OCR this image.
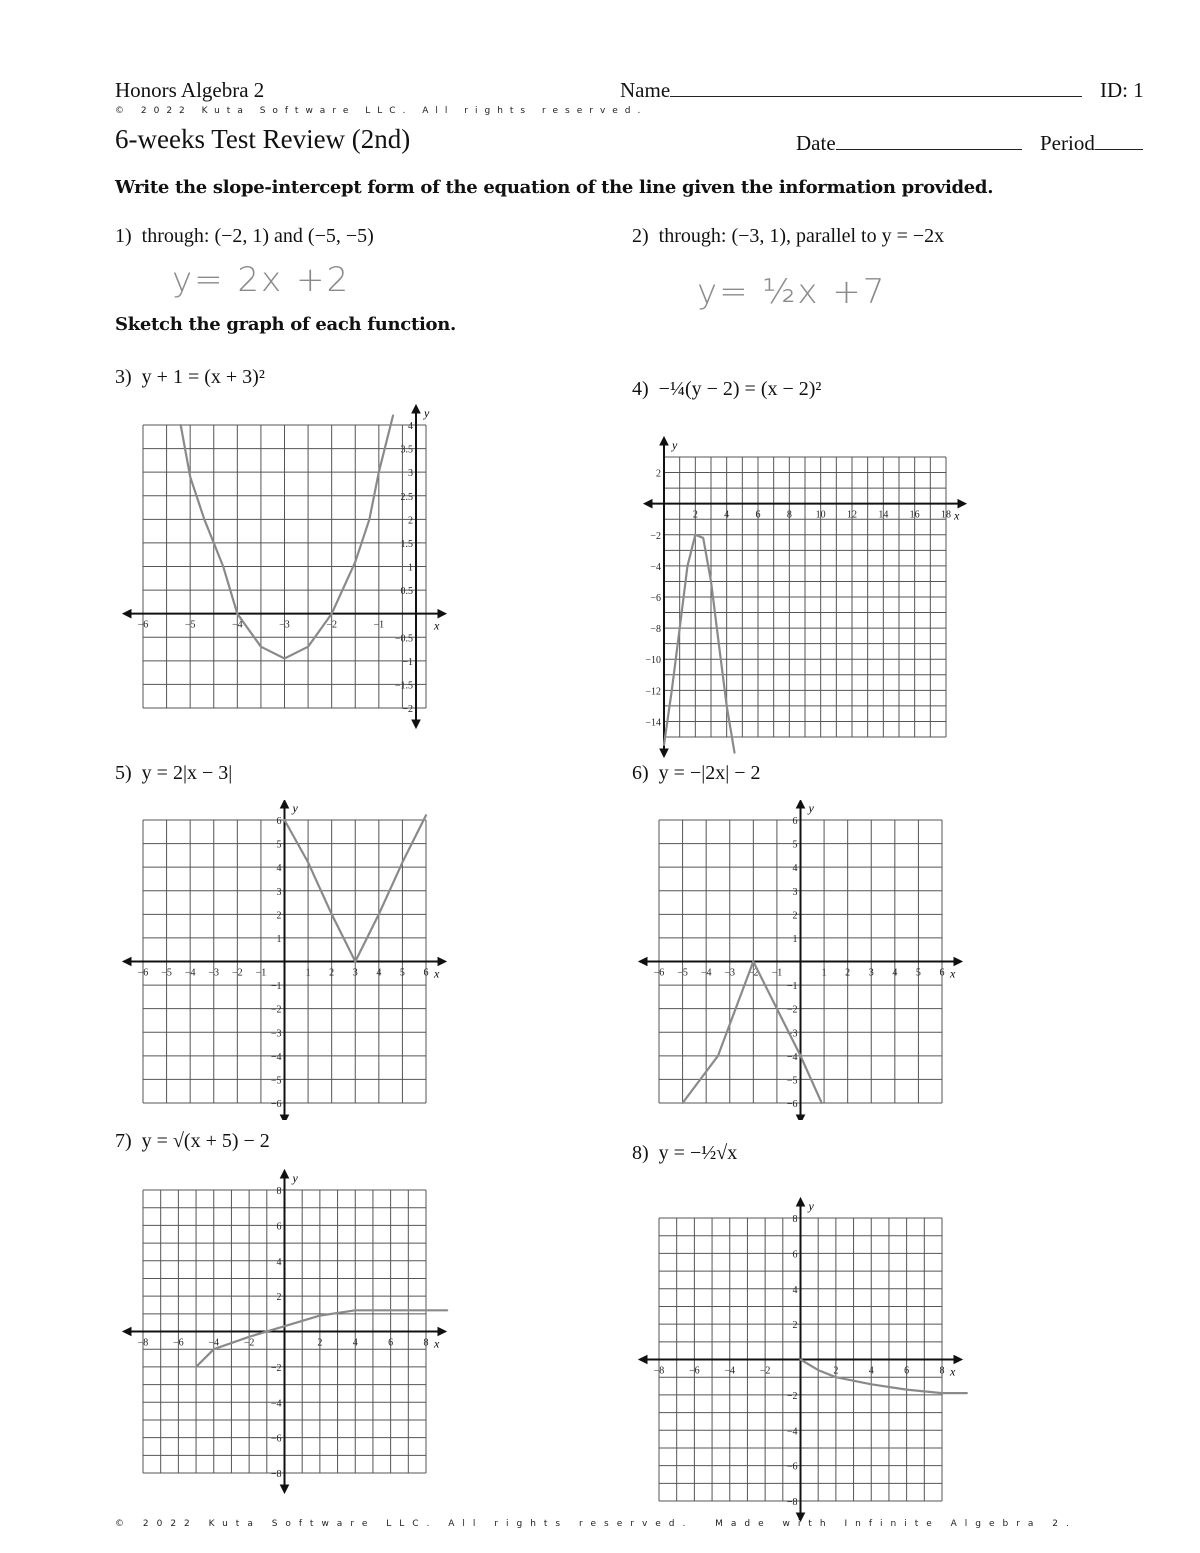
Honors Algebra 2	Name	ID: 1
© 2022 Kuta Software LLC. All rights reserved.
6-weeks Test Review (2nd)	Date	Period
Write the slope-intercept form of the equation of the line given the information provided.
1) through: (−2, 1) and (−5, −5)	2) through: (−3, 1), parallel to y = −2x
y= 2x +2	y= ½x +7
Sketch the graph of each function.
3) y + 1 = (x + 3)²
4) −¼(y − 2) = (x − 2)²
5) y = 2|x − 3|	6) y = −|2x| − 2
7) y = √(x + 5) − 2
8) y = −½√x
x
y
−6	−5	−4	−3	−2	−1
4
3.5
3
2.5
2
1.5
1
0.5
−0.5
−1
−1.5
−2
x
y
2	4	6	8 10 12 14 16 18
2
−2
−4
−6
−8
−10
−12
−14
x
y
−6 −5 −4 −3 −2 −1	1 2 3 4 5 6
6
5
4
3
2
1
−1
−2
−3
−4
−5
−6
x
y
−6 −5 −4 −3 −2 −1	1 2 3 4 5 6
6
5
4
3
2
1
−1
−2
−3
−4
−5
−6
x
y
−8 −6 −4 −2	2	4	6	8
8
6
4
2
−2
−4
−6
−8
x
y
−8 −6 −4 −2	2	4	6	8
8
6
4
2
−2
−4
−6
−8
© 2022 Kuta Software LLC. All rights reserved. Made with Infinite Algebra 2.
